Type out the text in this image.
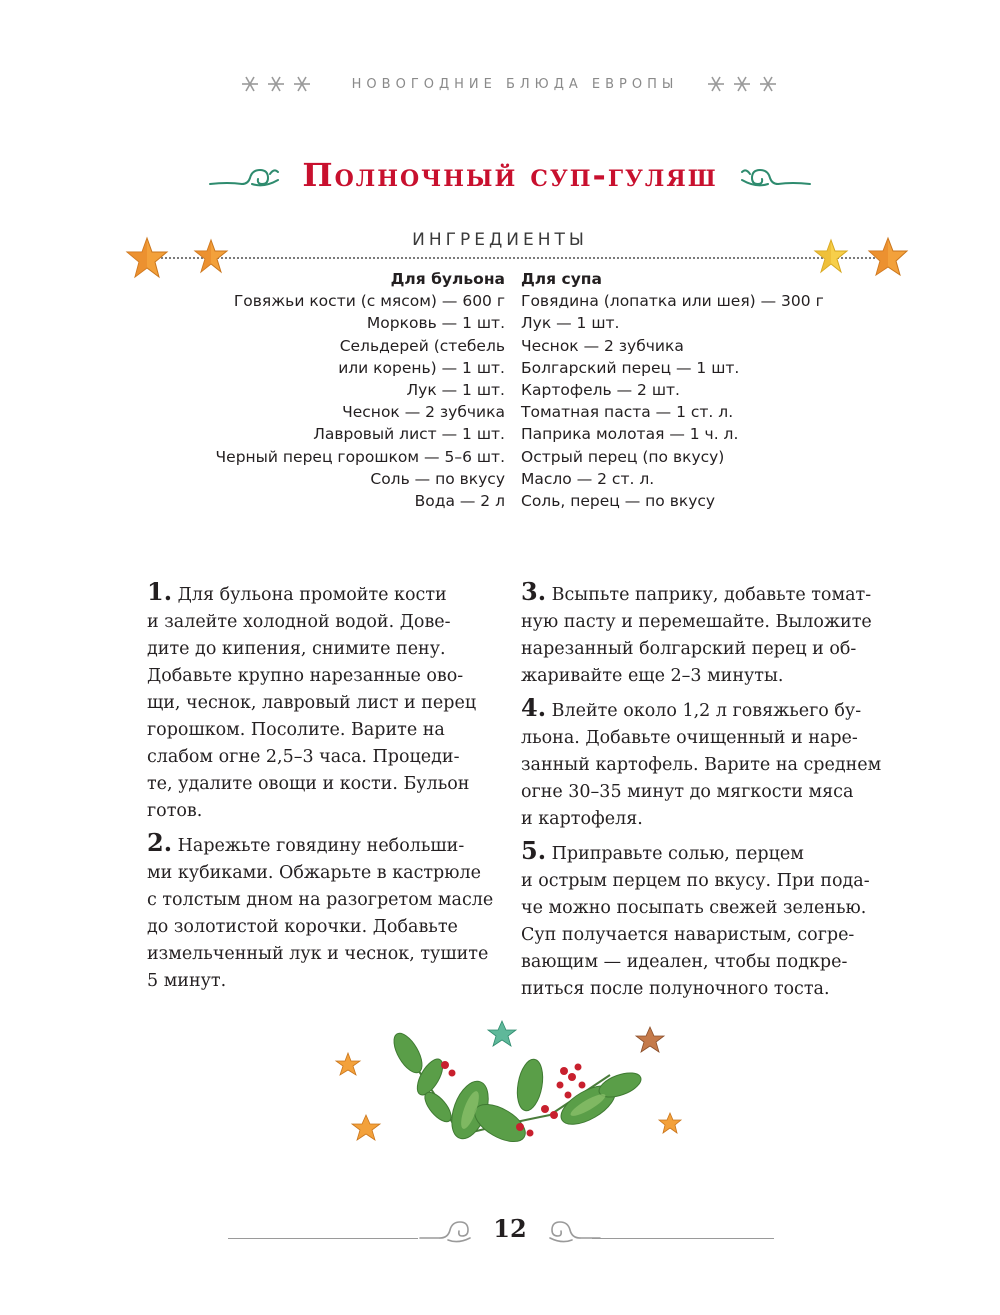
НОВОГОДНИЕ БЛЮДА ЕВРОПЫ
Полночный суп-гуляш
ИНГРЕДИЕНТЫ
Для бульона
Говяжьи кости (с мясом) — 600 г
Морковь — 1 шт.
Сельдерей (стебель
или корень) — 1 шт.
Лук — 1 шт.
Чеснок — 2 зубчика
Лавровый лист — 1 шт.
Черный перец горошком — 5–6 шт.
Соль — по вкусу
Вода — 2 л
Для супа
Говядина (лопатка или шея) — 300 г
Лук — 1 шт.
Чеснок — 2 зубчика
Болгарский перец — 1 шт.
Картофель — 2 шт.
Томатная паста — 1 ст. л.
Паприка молотая — 1 ч. л.
Острый перец (по вкусу)
Масло — 2 ст. л.
Соль, перец — по вкусу
1. Для бульона промойте кости
и залейте холодной водой. Дове-
дите до кипения, снимите пену.
Добавьте крупно нарезанные ово-
щи, чеснок, лавровый лист и перец
горошком. Посолите. Варите на
слабом огне 2,5–3 часа. Процеди-
те, удалите овощи и кости. Бульон
готов.
2. Нарежьте говядину небольши-
ми кубиками. Обжарьте в кастрюле
с толстым дном на разогретом масле
до золотистой корочки. Добавьте
измельченный лук и чеснок, тушите
5 минут.
3. Всыпьте паприку, добавьте томат-
ную пасту и перемешайте. Выложите
нарезанный болгарский перец и об-
жаривайте еще 2–3 минуты.
4. Влейте около 1,2 л говяжьего бу-
льона. Добавьте очищенный и наре-
занный картофель. Варите на среднем
огне 30–35 минут до мягкости мяса
и картофеля.
5. Приправьте солью, перцем
и острым перцем по вкусу. При пода-
че можно посыпать свежей зеленью.
Суп получается наваристым, согре-
вающим — идеален, чтобы подкре-
питься после полуночного тоста.
12
